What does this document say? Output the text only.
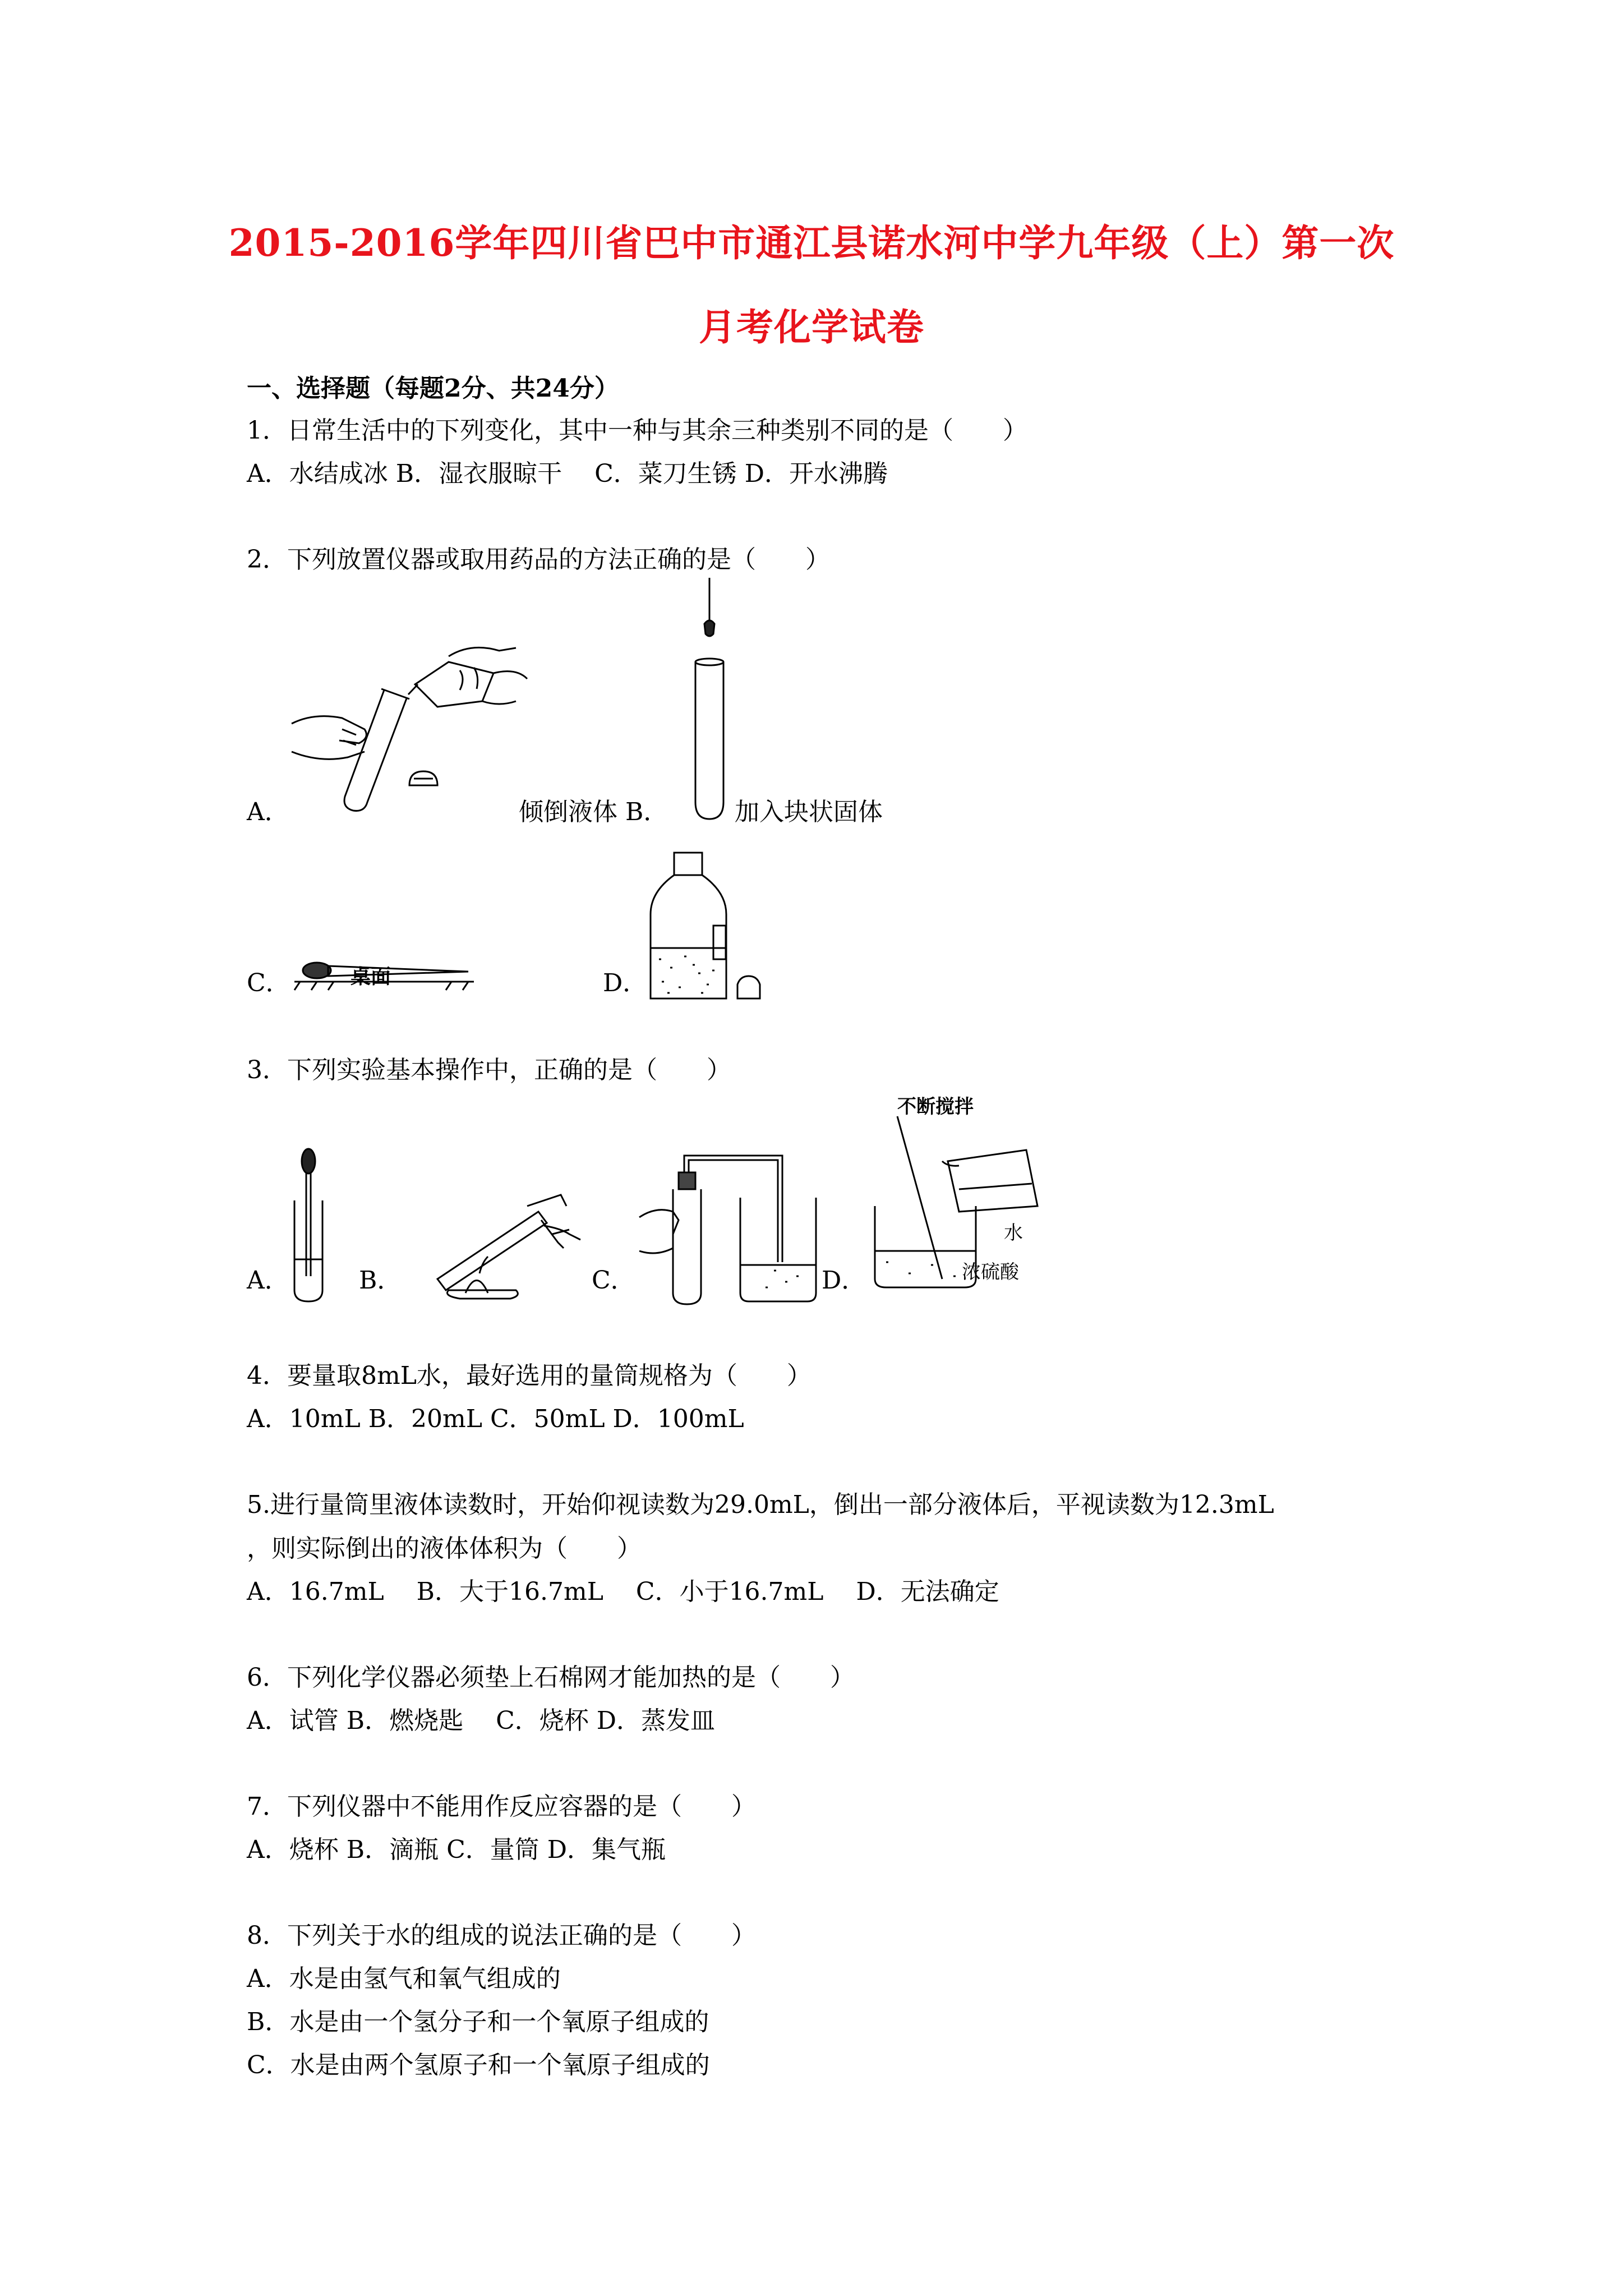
2015-2016学年四川省巴中市通江县诺水河中学九年级（上）第一次
月考化学试卷
一、选择题（每题2分、共24分）
1．日常生活中的下列变化，其中一种与其余三种类别不同的是（　　）
A．水结成冰 B．湿衣服晾干　 C．菜刀生锈 D．开水沸腾
2．下列放置仪器或取用药品的方法正确的是（　　）
A．	倾倒液体 B．	加入块状固体
桌面
C．	D．
3．下列实验基本操作中，正确的是（　　）
A．	B．	C．
不断搅拌
水
浓硫酸
D．
4．要量取8mL水，最好选用的量筒规格为（　　）
A．10mL B．20mL C．50mL D．100mL
5.进行量筒里液体读数时，开始仰视读数为29.0mL，倒出一部分液体后，平视读数为12.3mL
，则实际倒出的液体体积为（　　）
A．16.7mL　 B．大于16.7mL　 C．小于16.7mL　 D．无法确定
6．下列化学仪器必须垫上石棉网才能加热的是（　　）
A．试管 B．燃烧匙　 C．烧杯 D．蒸发皿
7．下列仪器中不能用作反应容器的是（　　）
A．烧杯 B．滴瓶 C．量筒 D．集气瓶
8．下列关于水的组成的说法正确的是（　　）
A．水是由氢气和氧气组成的
B．水是由一个氢分子和一个氧原子组成的
C．水是由两个氢原子和一个氧原子组成的
